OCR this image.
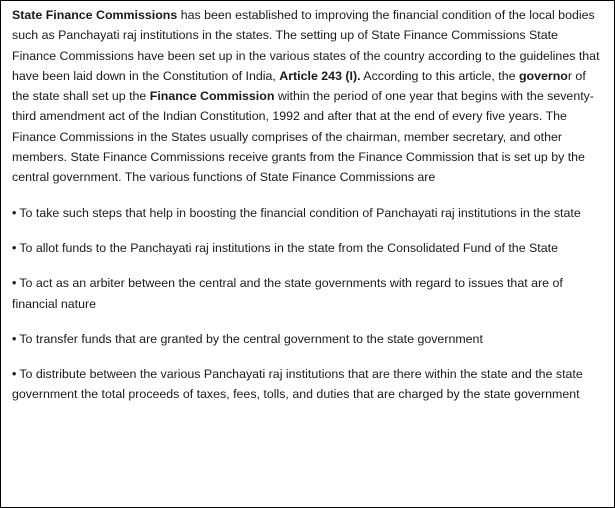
State Finance Commissions has been established to improving the financial condition of the local bodies such as Panchayati raj institutions in the states. The setting up of State Finance Commissions State Finance Commissions have been set up in the various states of the country according to the guidelines that have been laid down in the Constitution of India, Article 243 (I). According to this article, the governor of the state shall set up the Finance Commission within the period of one year that begins with the seventy- third amendment act of the Indian Constitution, 1992 and after that at the end of every five years. The Finance Commissions in the States usually comprises of the chairman, member secretary, and other members. State Finance Commissions receive grants from the Finance Commission that is set up by the central government. The various functions of State Finance Commissions are

• To take such steps that help in boosting the financial condition of Panchayati raj institutions in the state

• To allot funds to the Panchayati raj institutions in the state from the Consolidated Fund of the State

• To act as an arbiter between the central and the state governments with regard to issues that are of financial nature

• To transfer funds that are granted by the central government to the state government

• To distribute between the various Panchayati raj institutions that are there within the state and the state government the total proceeds of taxes, fees, tolls, and duties that are charged by the state government
